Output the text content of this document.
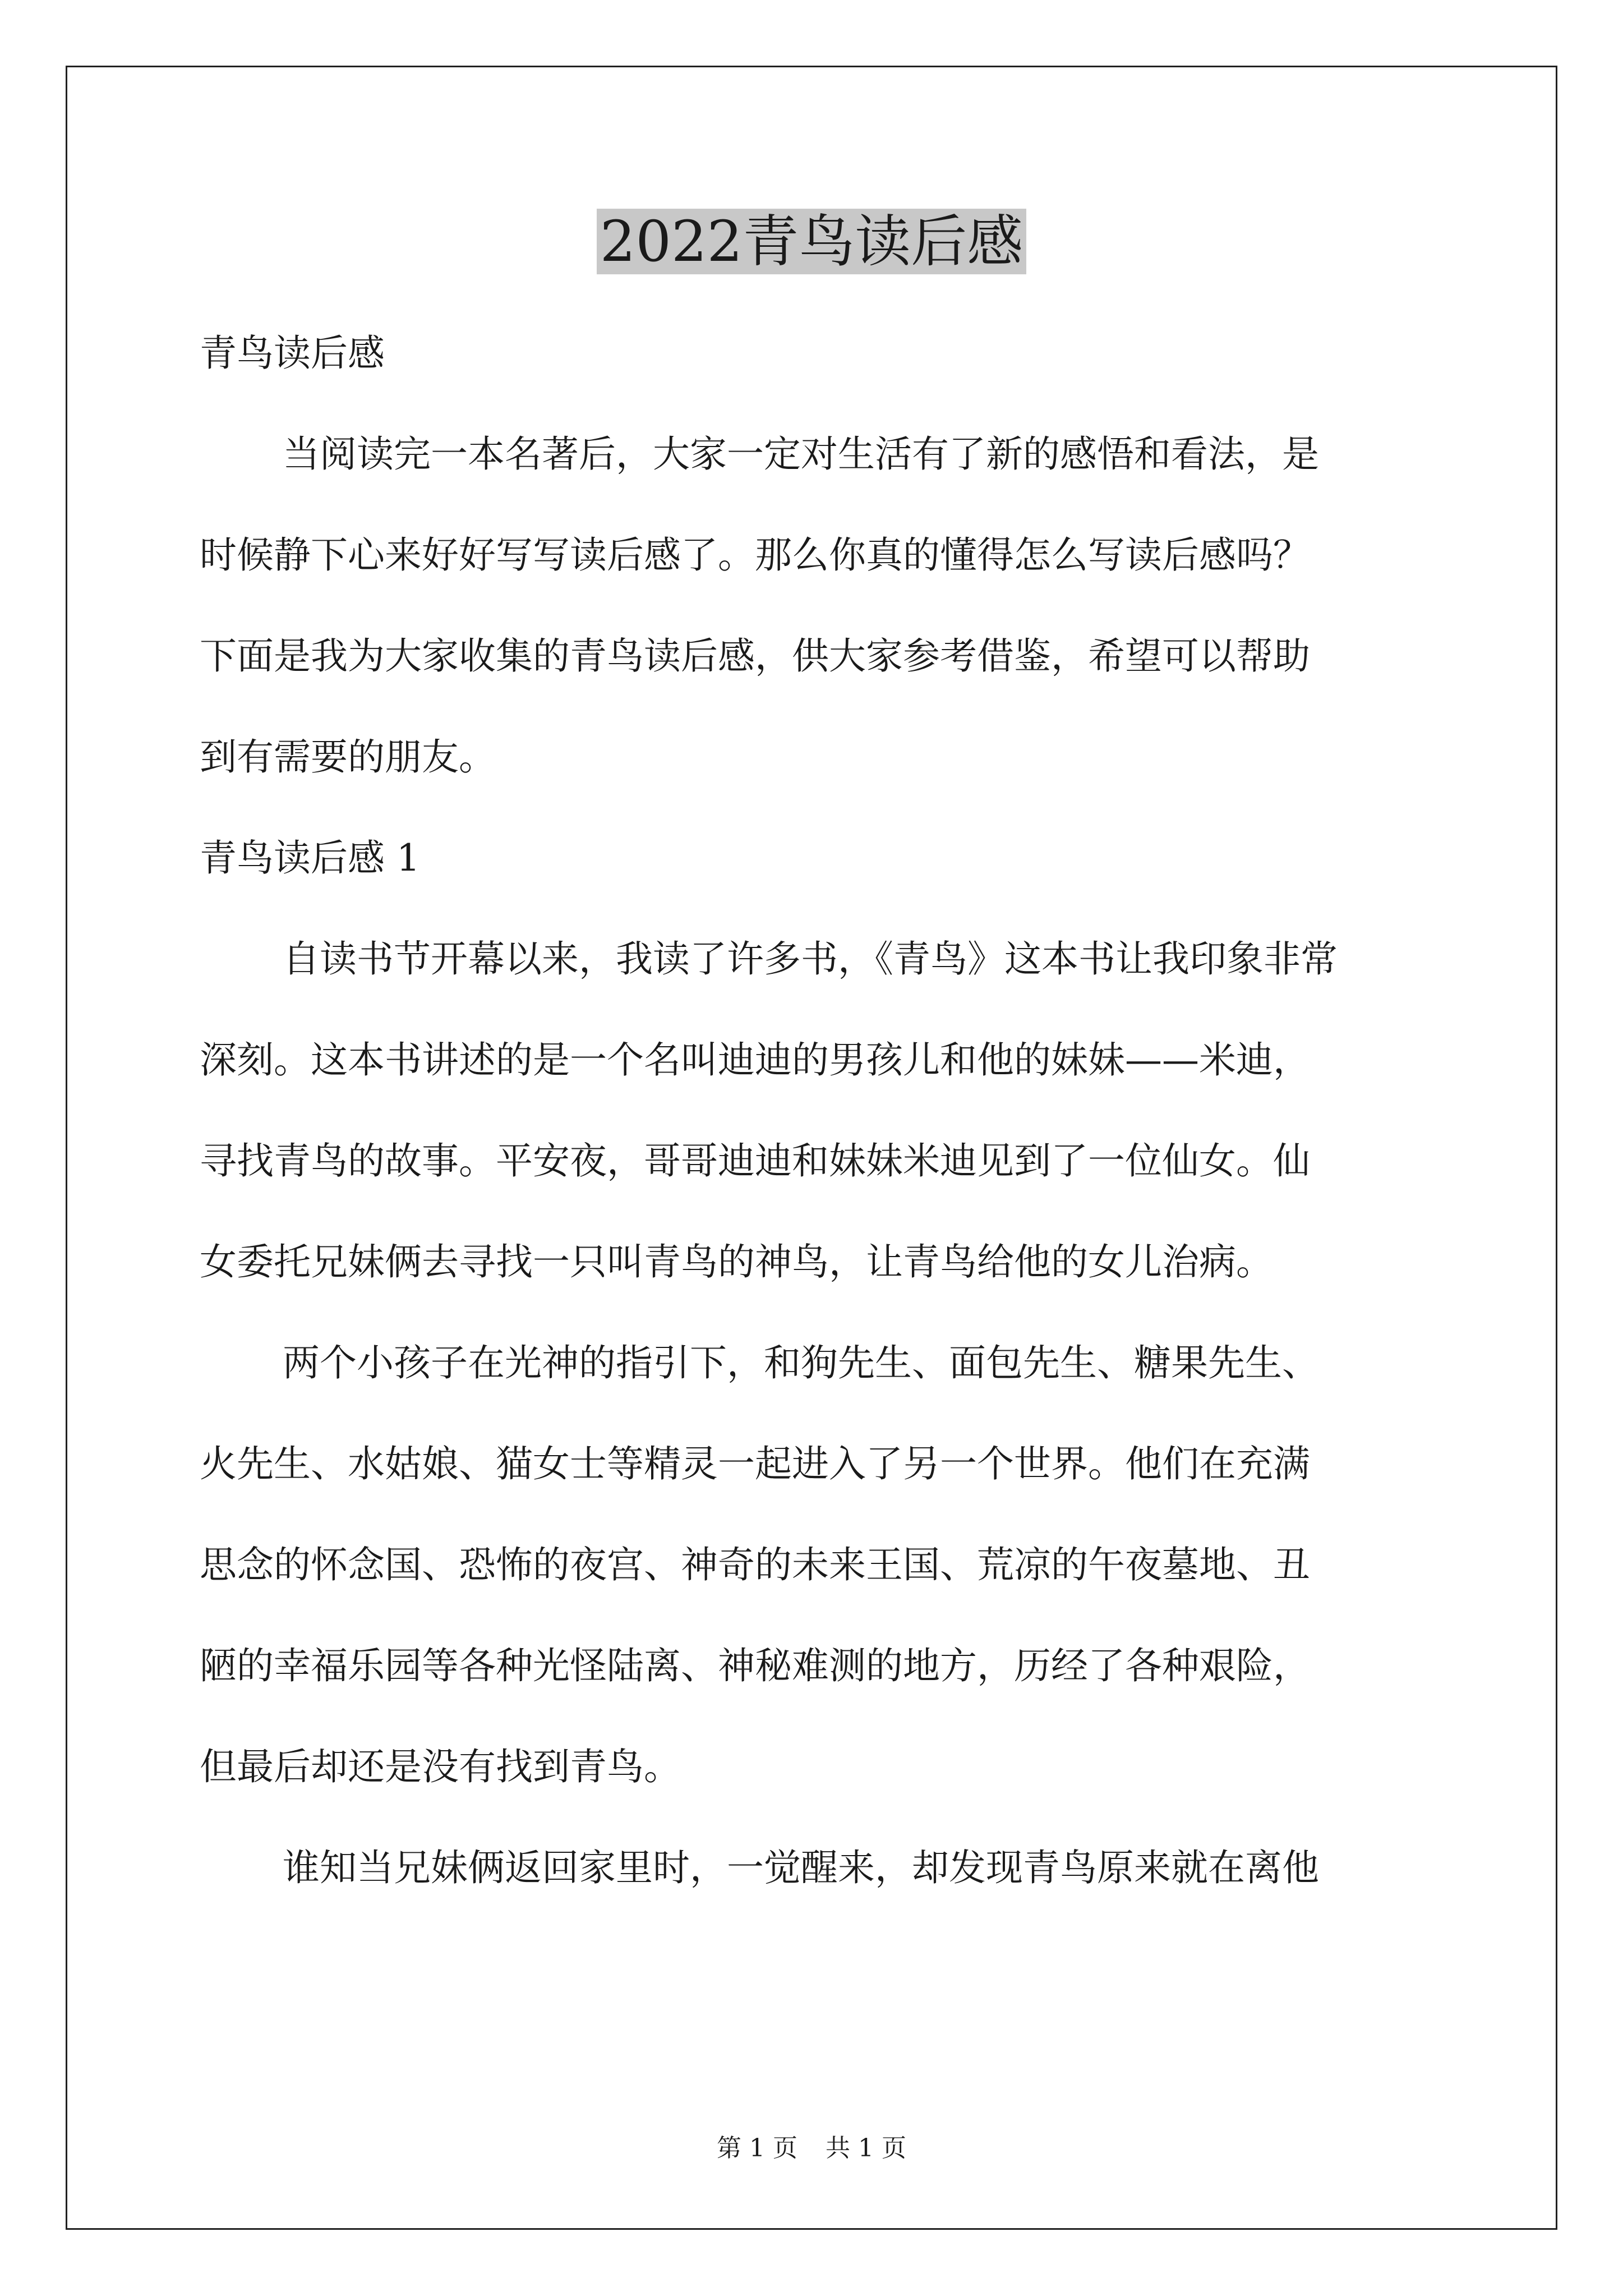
2022青鸟读后感
青鸟读后感
当阅读完一本名著后，大家一定对生活有了新的感悟和看法，是
时候静下心来好好写写读后感了。那么你真的懂得怎么写读后感吗？
下面是我为大家收集的青鸟读后感，供大家参考借鉴，希望可以帮助
到有需要的朋友。
青鸟读后感 1
自读书节开幕以来，我读了许多书，《青鸟》这本书让我印象非常
深刻。这本书讲述的是一个名叫迪迪的男孩儿和他的妹妹——米迪，
寻找青鸟的故事。平安夜，哥哥迪迪和妹妹米迪见到了一位仙女。仙
女委托兄妹俩去寻找一只叫青鸟的神鸟，让青鸟给他的女儿治病。
两个小孩子在光神的指引下，和狗先生、面包先生、糖果先生、
火先生、水姑娘、猫女士等精灵一起进入了另一个世界。他们在充满
思念的怀念国、恐怖的夜宫、神奇的未来王国、荒凉的午夜墓地、丑
陋的幸福乐园等各种光怪陆离、神秘难测的地方，历经了各种艰险，
但最后却还是没有找到青鸟。
谁知当兄妹俩返回家里时，一觉醒来，却发现青鸟原来就在离他
第 1 页 共 1 页
